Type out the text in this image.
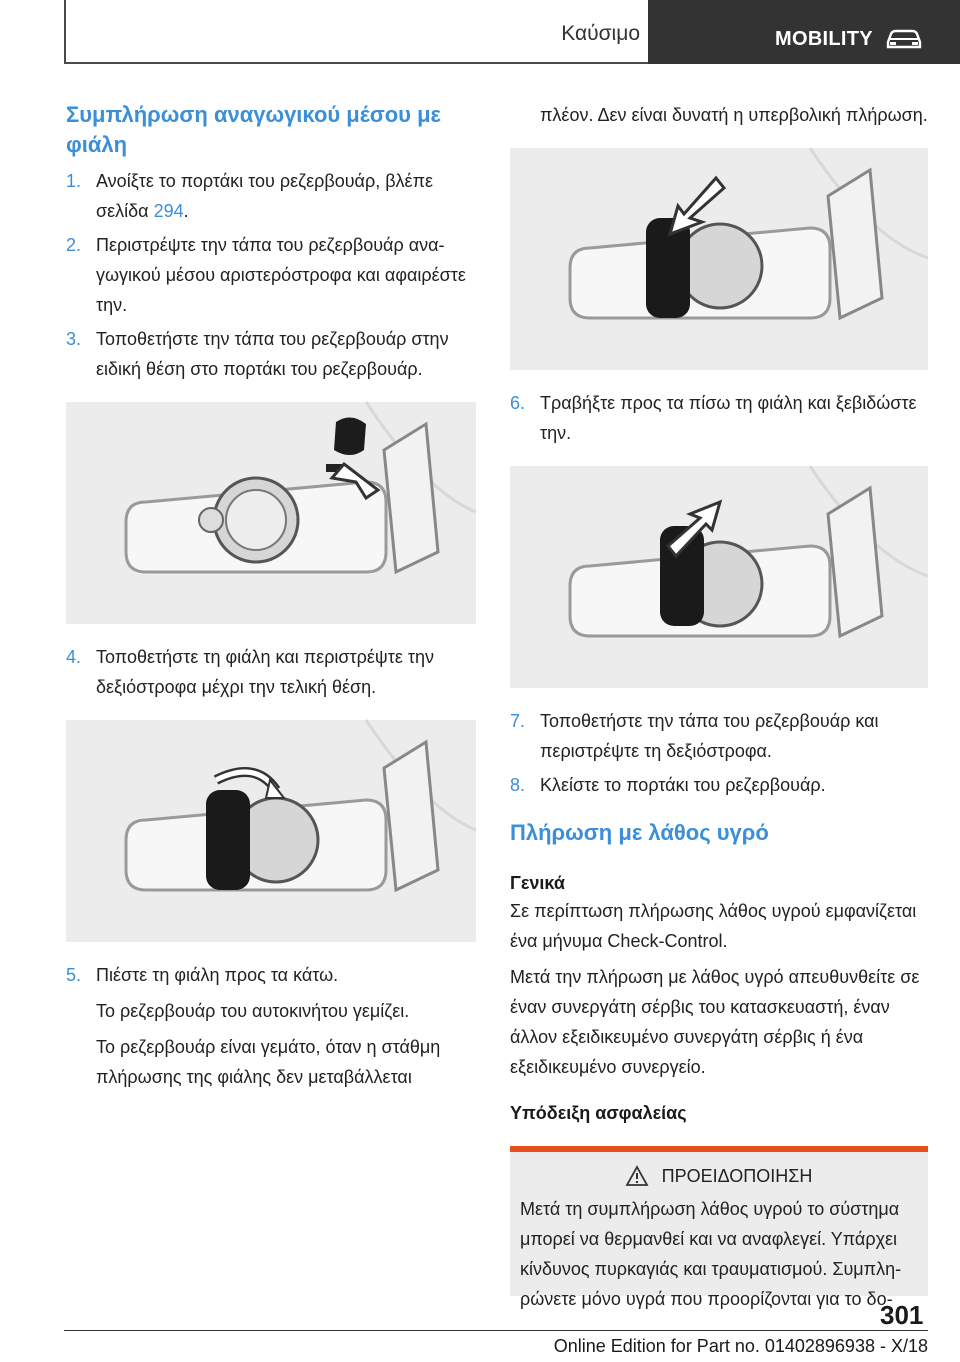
Καύσιμο	MOBILITY
Συμπλήρωση αναγωγικού μέσου με φιάλη
1. Ανοίξτε το πορτάκι του ρεζερβουάρ, βλέπε σελίδα 294.
2. Περιστρέψτε την τάπα του ρεζερβουάρ αναγωγικού μέσου αριστερόστροφα και αφαιρέστε την.
3. Τοποθετήστε την τάπα του ρεζερβουάρ στην ειδική θέση στο πορτάκι του ρεζερβουάρ.
4. Τοποθετήστε τη φιάλη και περιστρέψτε την δεξιόστροφα μέχρι την τελική θέση.
5. Πιέστε τη φιάλη προς τα κάτω.
Το ρεζερβουάρ του αυτοκινήτου γεμίζει.
Το ρεζερβουάρ είναι γεμάτο, όταν η στάθμη πλήρωσης της φιάλης δεν μεταβάλλεται
πλέον. Δεν είναι δυνατή η υπερβολική πλήρωση.
6. Τραβήξτε προς τα πίσω τη φιάλη και ξεβιδώστε την.
7. Τοποθετήστε την τάπα του ρεζερβουάρ και περιστρέψτε τη δεξιόστροφα.
8. Κλείστε το πορτάκι του ρεζερβουάρ.
Πλήρωση με λάθος υγρό
Γενικά
Σε περίπτωση πλήρωσης λάθος υγρού εμφανίζεται ένα μήνυμα Check-Control.
Μετά την πλήρωση με λάθος υγρό απευθυνθείτε σε έναν συνεργάτη σέρβις του κατασκευαστή, έναν άλλον εξειδικευμένο συνεργάτη σέρβις ή ένα εξειδικευμένο συνεργείο.
Υπόδειξη ασφαλείας
ΠΡΟΕΙΔΟΠΟΙΗΣΗ
Μετά τη συμπλήρωση λάθος υγρού το σύστημα μπορεί να θερμανθεί και να αναφλεγεί. Υπάρχει κίνδυνος πυρκαγιάς και τραυματισμού. Συμπληρώνετε μόνο υγρά που προορίζονται για το δο-
301
Online Edition for Part no. 01402896938 - X/18
